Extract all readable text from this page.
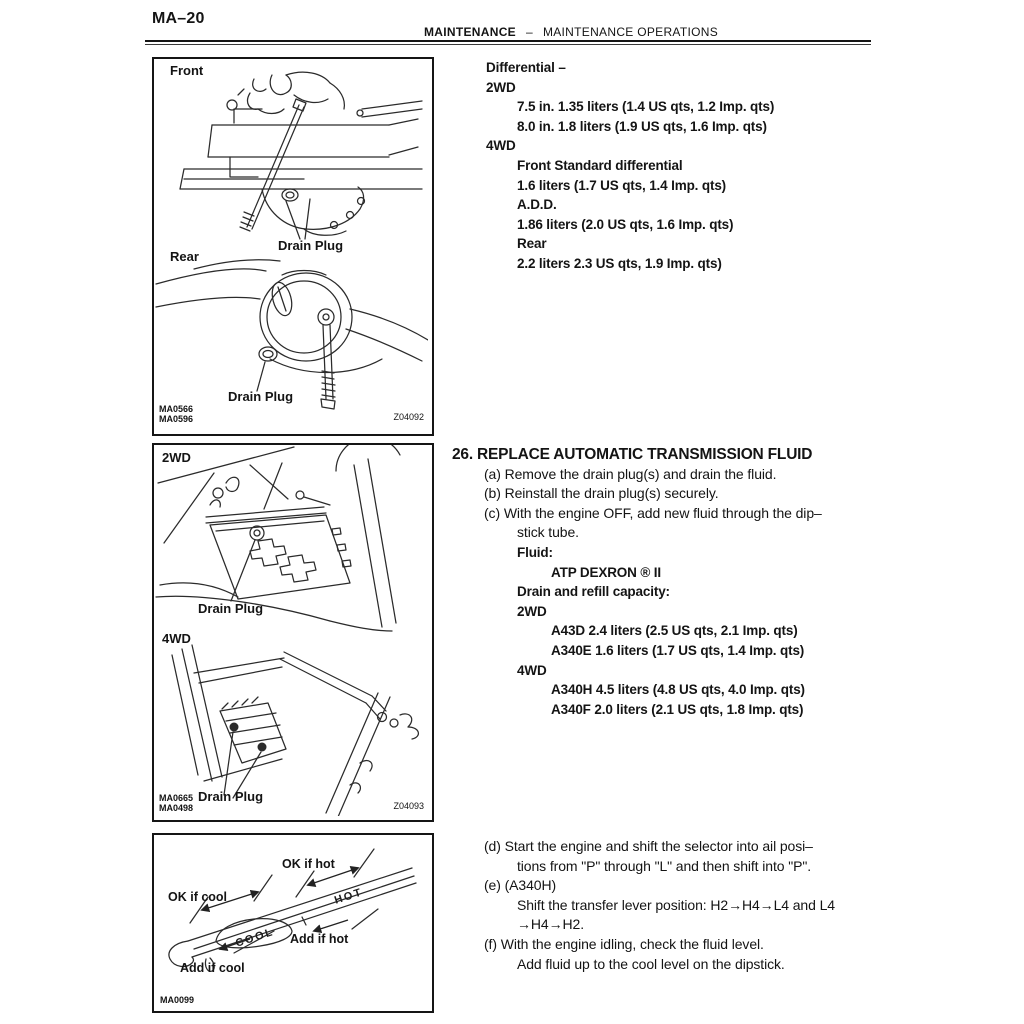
MA–20
MAINTENANCE – MAINTENANCE OPERATIONS
Front
Drain Plug
Rear
Drain Plug
MA0566
MA0596	Z04092
2WD
Drain Plug
4WD
Drain Plug
MA0665
MA0498	Z04093
COOL
HOT
OK if hot
OK if cool
Add if hot
Add if cool
MA0099
Differential –
2WD
7.5 in. 1.35 liters (1.4 US qts, 1.2 Imp. qts)
8.0 in. 1.8 liters (1.9 US qts, 1.6 Imp. qts)
4WD
Front Standard differential
1.6 liters (1.7 US qts, 1.4 Imp. qts)
A.D.D.
1.86 liters (2.0 US qts, 1.6 Imp. qts)
Rear
2.2 liters 2.3 US qts, 1.9 Imp. qts)
26. REPLACE AUTOMATIC TRANSMISSION FLUID
(a) Remove the drain plug(s) and drain the fluid.
(b) Reinstall the drain plug(s) securely.
(c) With the engine OFF, add new fluid through the dip–
stick tube.
Fluid:
ATP DEXRON ® II
Drain and refill capacity:
2WD
A43D 2.4 liters (2.5 US qts, 2.1 Imp. qts)
A340E 1.6 liters (1.7 US qts, 1.4 Imp. qts)
4WD
A340H 4.5 liters (4.8 US qts, 4.0 Imp. qts)
A340F 2.0 liters (2.1 US qts, 1.8 Imp. qts)
(d) Start the engine and shift the selector into ail posi–
tions from "P" through "L" and then shift into "P".
(e) (A340H)
Shift the transfer lever position: H2→H4→L4 and L4
→H4→H2.
(f) With the engine idling, check the fluid level.
Add fluid up to the cool level on the dipstick.
